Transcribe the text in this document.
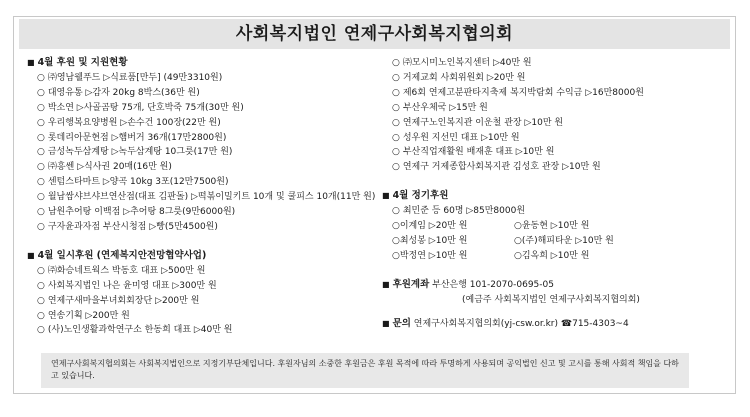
사회복지법인 연제구사회복지협의회
■ 4월 후원 및 지원현황
○ ㈜영남웰푸드 ▷식료품[만두] (49만3310원)
○ 대영유통 ▷감자 20kg 8박스(36만 원)
○ 박소연 ▷사골곰탕 75개, 단호박죽 75개(30만 원)
○ 우리행복요양병원 ▷손수건 100장(22만 원)
○ 롯데리아문현점 ▷햄버거 36개(17만2800원)
○ 금성녹두삼계탕 ▷녹두삼계탕 10그릇(17만 원)
○ ㈜흥쎈 ▷식사권 20매(16만 원)
○ 센텀스타마트 ▷양곡 10kg 3포(12만7500원)
○ 월남쌈샤브샤브연산점(대표 김판돌) ▷떡볶이밀키트 10개 및 쿨피스 10개(11만 원)
○ 남원추어탕 이백점 ▷추어탕 8그릇(9만6000원)
○ 구자윤과자점 부산시청점 ▷빵(5만4500원)
■ 4월 일시후원 (연제복지안전망협약사업)
○ ㈜화승네트웍스 박동호 대표 ▷500만 원
○ 사회복지법인 나은 윤미영 대표 ▷300만 원
○ 연제구새마을부녀회회장단 ▷200만 원
○ 연송기획 ▷200만 원
○ (사)노인생활과학연구소 한동희 대표 ▷40만 원
○ ㈜모시미노인복지센터 ▷40만 원
○ 거제교회 사회위원회 ▷20만 원
○ 제6회 연제고분판타지축제 복지박람회 수익금 ▷16만8000원
○ 부산우체국 ▷15만 원
○ 연제구노인복지관 이운철 관장 ▷10만 원
○ 성우원 지선민 대표 ▷10만 원
○ 부산직업재활원 배재훈 대표 ▷10만 원
○ 연제구 거제종합사회복지관 김성호 관장 ▷10만 원
■ 4월 정기후원
○ 최민준 등 60명 ▷85만8000원
○이계임 ▷20만 원	○윤동현 ▷10만 원
○최성봉 ▷10만 원	○(주)해피타운 ▷10만 원
○박정연 ▷10만 원	○김옥희 ▷10만 원
■ 후원계좌 부산은행 101-2070-0695-05
(예금주 사회복지법인 연제구사회복지협의회)
■ 문의 연제구사회복지협의회(yj-csw.or.kr) ☎715-4303~4
연제구사회복지협의회는 사회복지법인으로 지정기부단체입니다. 후원자님의 소중한 후원금은 후원 목적에 따라 투명하게 사용되며 공익법인 신고 및 고시를 통해 사회적 책임을 다하고 있습니다.
